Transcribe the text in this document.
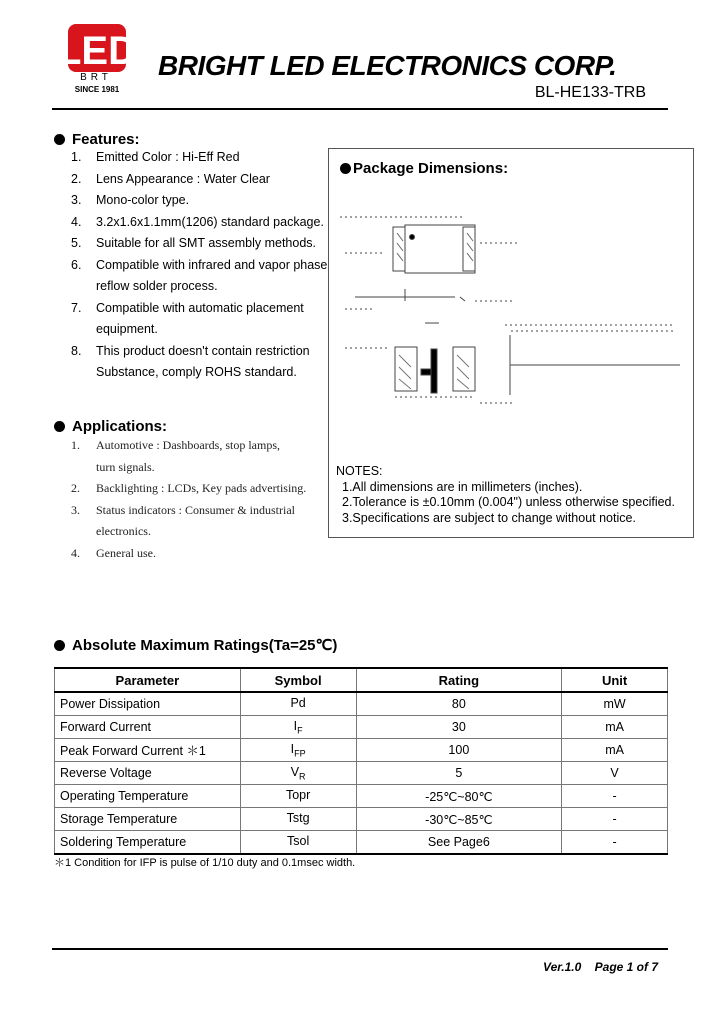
LED
BRT
SINCE 1981
BRIGHT LED ELECTRONICS CORP.
BL-HE133-TRB
Features:
1. Emitted Color : Hi-Eff Red
2. Lens Appearance : Water Clear
3. Mono-color type.
4. 3.2x1.6x1.1mm(1206) standard package.
5. Suitable for all SMT assembly methods.
6. Compatible with infrared and vapor phase
reflow solder process.
7. Compatible with automatic placement
equipment.
8. This product doesn't contain restriction
Substance, comply ROHS standard.
Applications:
1. Automotive : Dashboards, stop lamps,
turn signals.
2. Backlighting : LCDs, Key pads advertising.
3. Status indicators : Consumer & industrial
electronics.
4. General use.
Package Dimensions:
NOTES:
1.All dimensions are in millimeters (inches).
2.Tolerance is ±0.10mm (0.004") unless otherwise specified.
3.Specifications are subject to change without notice.
Absolute Maximum Ratings(Ta=25℃)
Parameter	Symbol	Rating	Unit
Power Dissipation	Pd	80	mW
Forward Current	$I_F$	30	mA
Peak Forward Current ＊1	$I_{FP}$	100	mA
Reverse Voltage	$V_R$	5	V
Operating Temperature	Topr	-25℃~80℃	-
Storage Temperature	Tstg	-30℃~85℃	-
Soldering Temperature	Tsol	See Page6	-
＊1 Condition for IFP is pulse of 1/10 duty and 0.1msec width.
Ver.1.0 Page 1 of 7
